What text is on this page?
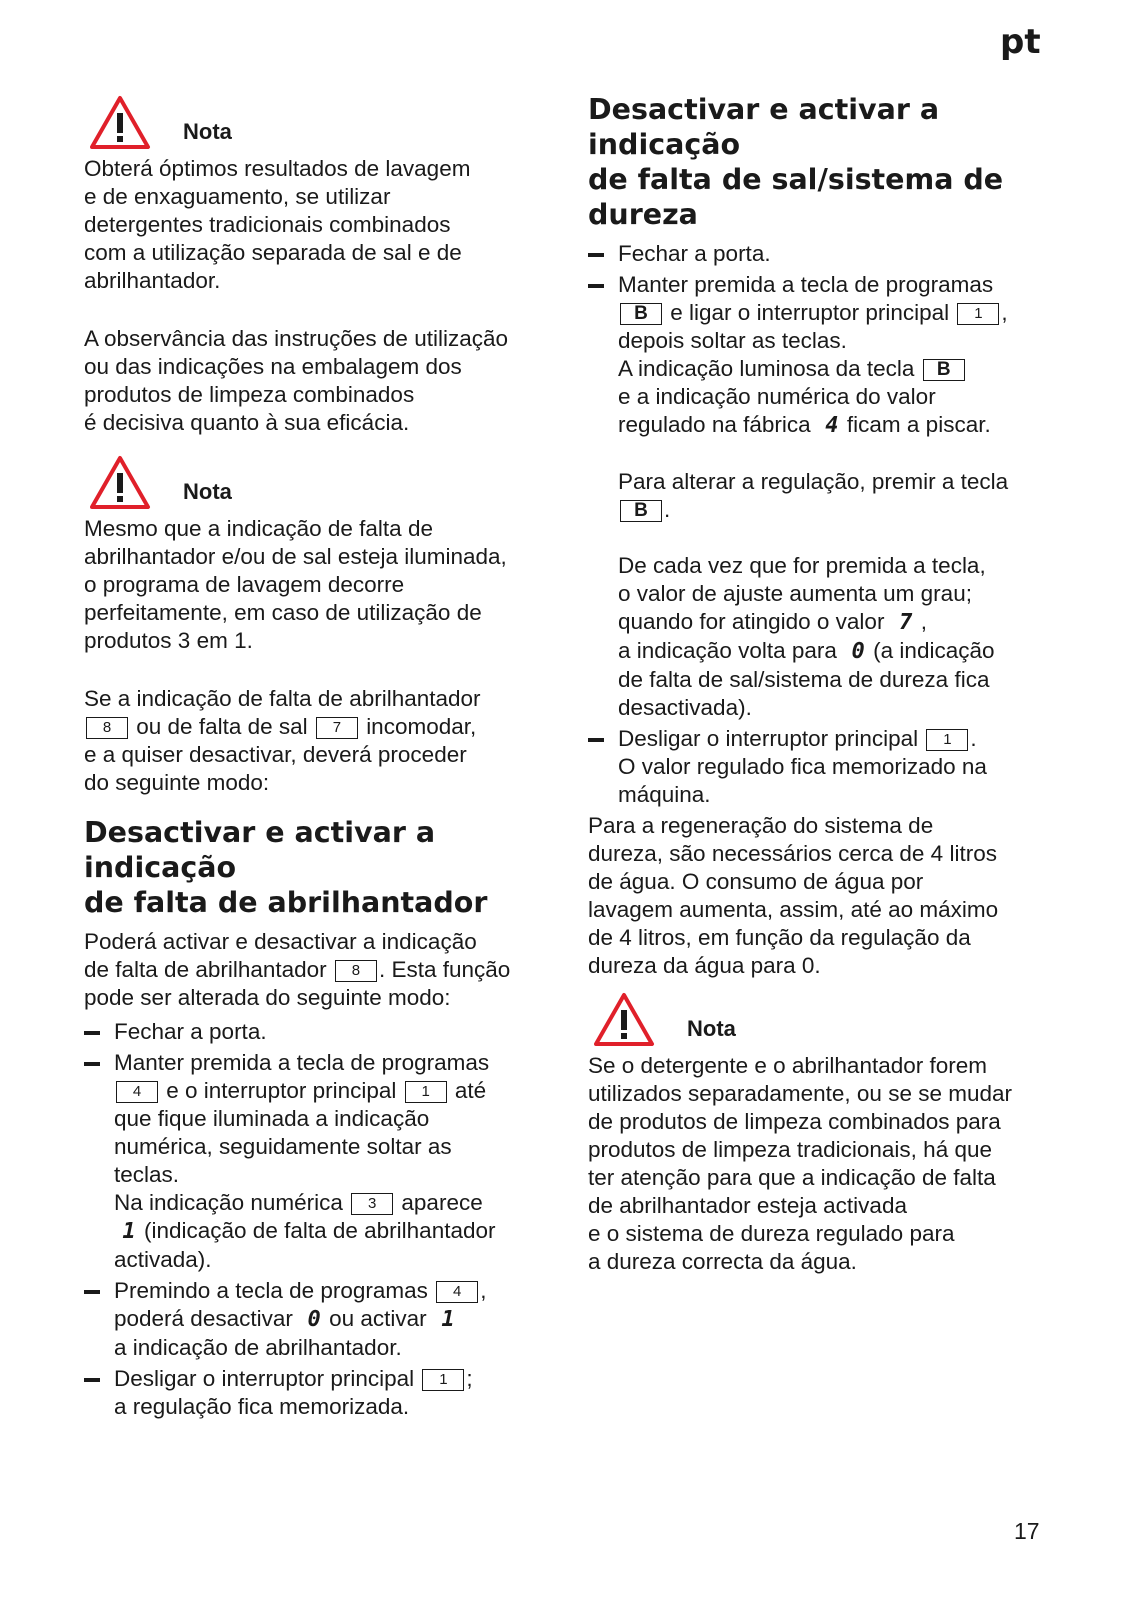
pt
Nota

Obterá óptimos resultados de lavagem
e de enxaguamento, se utilizar
detergentes tradicionais combinados
com a utilização separada de sal e de
abrilhantador.

A observância das instruções de utilização
ou das indicações na embalagem dos
produtos de limpeza combinados
é decisiva quanto à sua eficácia.

Nota

Mesmo que a indicação de falta de
abrilhantador e/ou de sal esteja iluminada,
o programa de lavagem decorre
perfeitamente, em caso de utilização de
produtos 3 em 1.

Se a indicação de falta de abrilhantador
8 ou de falta de sal 7 incomodar,
e a quiser desactivar, deverá proceder
do seguinte modo:

Desactivar e activar a indicação
de falta de abrilhantador

Poderá activar e desactivar a indicação
de falta de abrilhantador 8 . Esta função
pode ser alterada do seguinte modo:

Fechar a porta.
Manter premida a tecla de programas
4 e o interruptor principal 1 até
que fique iluminada a indicação
numérica, seguidamente soltar as
teclas.
Na indicação numérica 3 aparece
1 (indicação de falta de abrilhantador
activada).
Premindo a tecla de programas 4 ,
poderá desactivar 0 ou activar 1
a indicação de abrilhantador.
Desligar o interruptor principal 1 ;
a regulação fica memorizada.
Desactivar e activar a indicação
de falta de sal/sistema de
dureza
Fechar a porta.
Manter premida a tecla de programas
B e ligar o interruptor principal 1 ,
depois soltar as teclas.
A indicação luminosa da tecla B
e a indicação numérica do valor
regulado na fábrica 4 ficam a piscar.
Para alterar a regulação, premir a tecla
B .
De cada vez que for premida a tecla,
o valor de ajuste aumenta um grau;
quando for atingido o valor 7 ,
a indicação volta para 0 (a indicação
de falta de sal/sistema de dureza fica
desactivada).
Desligar o interruptor principal 1 .
O valor regulado fica memorizado na
máquina.

Para a regeneração do sistema de
dureza, são necessários cerca de 4 litros
de água. O consumo de água por
lavagem aumenta, assim, até ao máximo
de 4 litros, em função da regulação da
dureza da água para 0.

Nota

Se o detergente e o abrilhantador forem
utilizados separadamente, ou se se mudar
de produtos de limpeza combinados para
produtos de limpeza tradicionais, há que
ter atenção para que a indicação de falta
de abrilhantador esteja activada
e o sistema de dureza regulado para
a dureza correcta da água.

17
